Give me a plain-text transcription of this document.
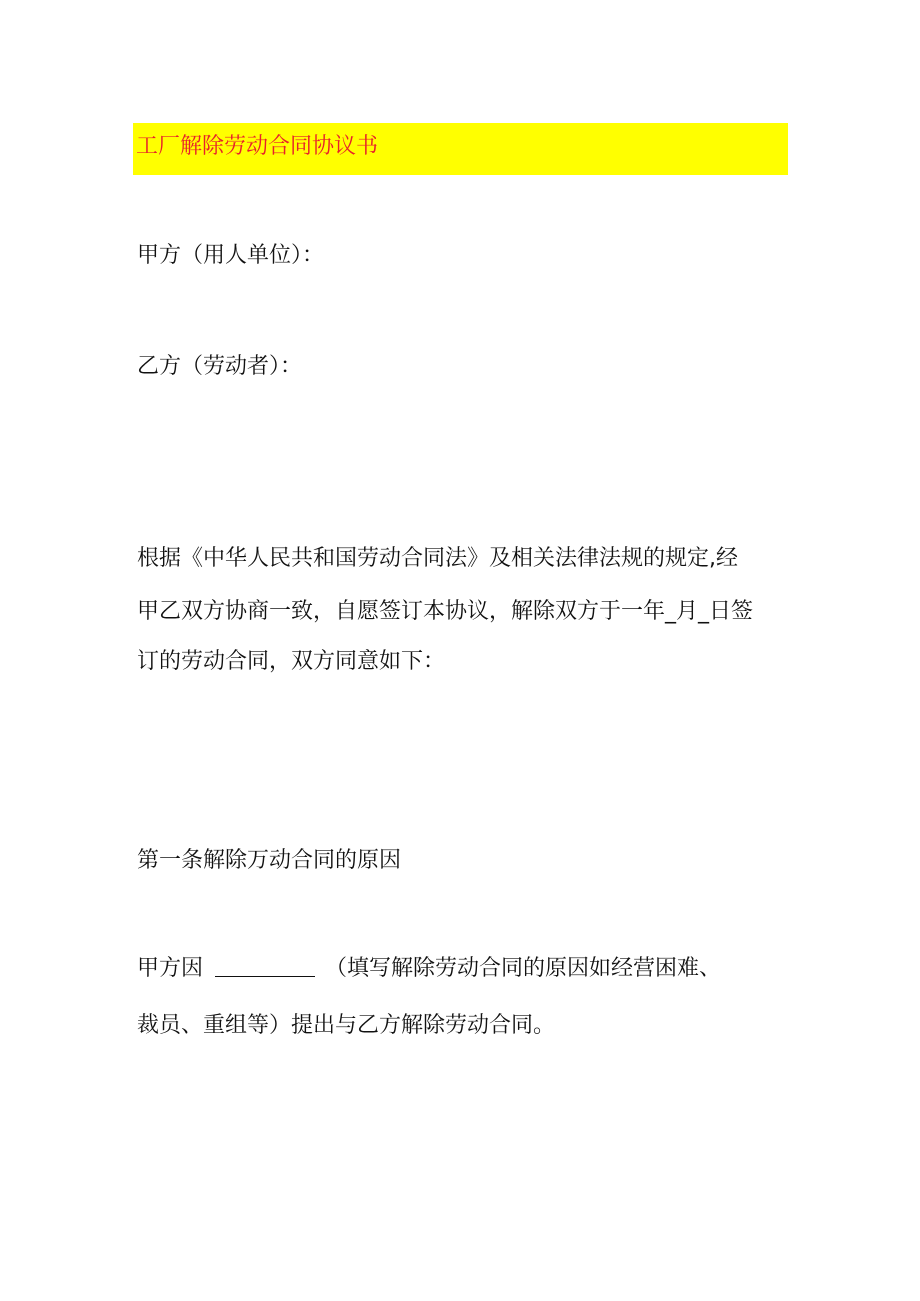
工厂解除劳动合同协议书
甲方（用人单位）：
乙方（劳动者）：
根据《中华人民共和国劳动合同法》及相关法律法规的规定,经
甲乙双方协商一致，自愿签订本协议，解除双方于一年_月_日签
订的劳动合同，双方同意如下：
第一条解除万动合同的原因
甲方因	（填写解除劳动合同的原因如经营困难、
裁员、重组等）提出与乙方解除劳动合同。
